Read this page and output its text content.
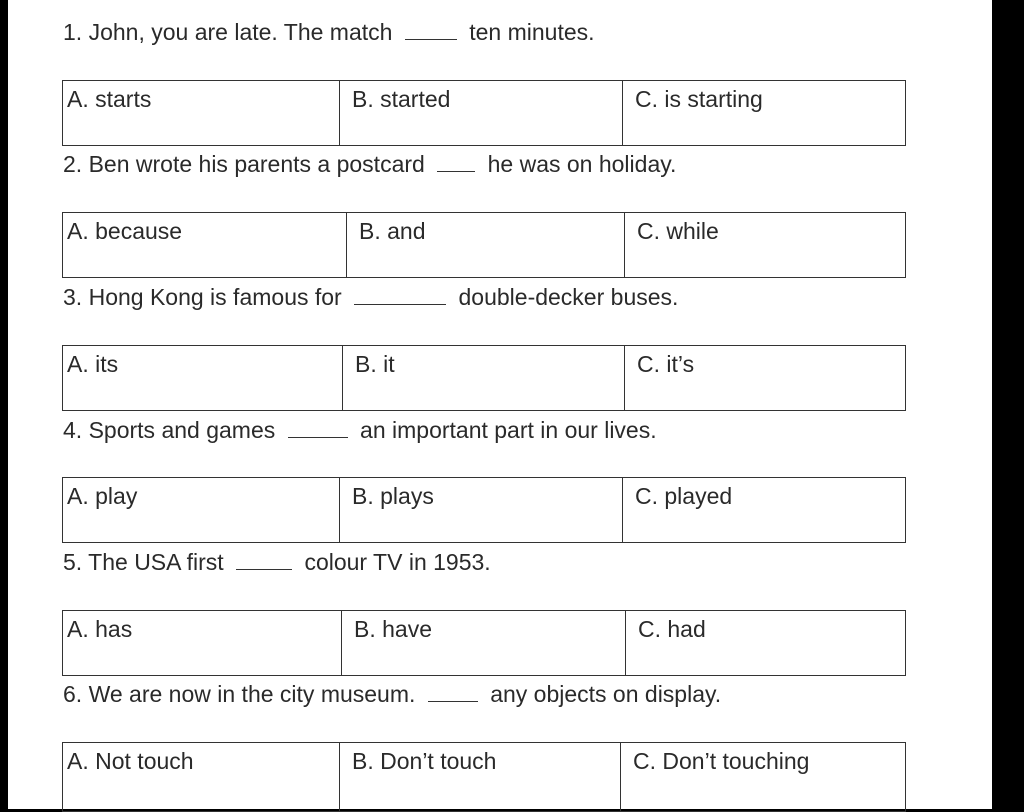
1. John, you are late. The match	ten minutes.
A. starts	B. started	C. is starting
2. Ben wrote his parents a postcard	he was on holiday.
A. because	B. and	C. while
3. Hong Kong is famous for	double-decker buses.
A. its	B. it	C. it’s
4. Sports and games	an important part in our lives.
A. play	B. plays	C. played
5. The USA first	colour TV in 1953.
A. has	B. have	C. had
6. We are now in the city museum.	any objects on display.
A. Not touch	B. Don’t touch	C. Don’t touching
